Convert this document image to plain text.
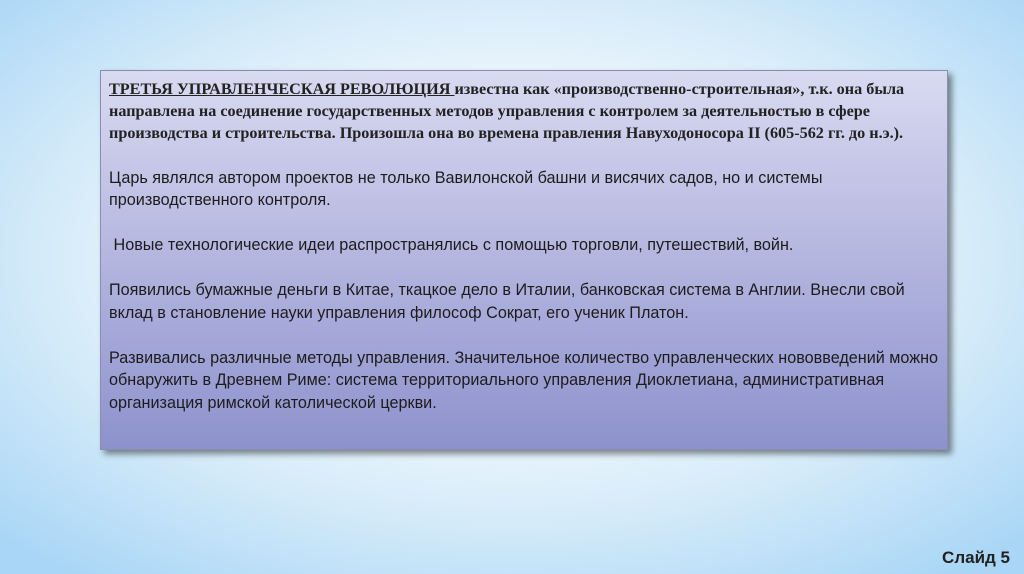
ТРЕТЬЯ УПРАВЛЕНЧЕСКАЯ РЕВОЛЮЦИЯ известна как «производственно-строительная», т.к. она была направлена на соединение государственных методов управления с контролем за деятельностью в сфере производства и строительства. Произошла она во времена правления Навуходоносора II (605-562 гг. до н.э.).

Царь являлся автором проектов не только Вавилонской башни и висячих садов, но и системы производственного контроля.

Новые технологические идеи распространялись с помощью торговли, путешествий, войн.

Появились бумажные деньги в Китае, ткацкое дело в Италии, банковская система в Англии. Внесли свой вклад в становление науки управления философ Сократ, его ученик Платон.

Развивались различные методы управления. Значительное количество управленческих нововведений можно обнаружить в Древнем Риме: система территориального управления Диоклетиана, административная организация римской католической церкви.

Слайд 5
